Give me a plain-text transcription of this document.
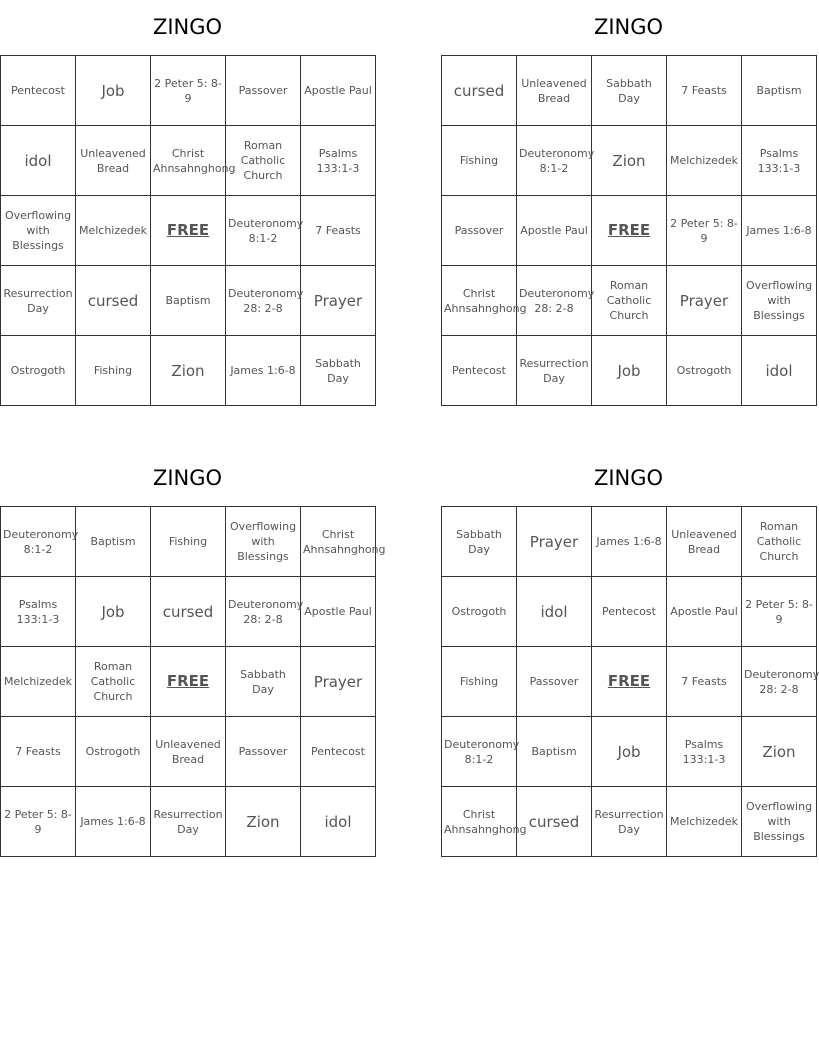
ZINGO
Pentecost	Job	2 Peter 5: 8-9	Passover	Apostle Paul
idol	Unleavened Bread	Christ Ahnsahnghong	Roman Catholic Church	Psalms 133:1-3
Overflowing with Blessings	Melchizedek	FREE	Deuteronomy 8:1-2	7 Feasts
Resurrection Day	cursed	Baptism	Deuteronomy 28: 2-8	Prayer
Ostrogoth	Fishing	Zion	James 1:6-8	Sabbath Day
ZINGO
cursed	Unleavened Bread	Sabbath Day	7 Feasts	Baptism
Fishing	Deuteronomy 8:1-2	Zion	Melchizedek	Psalms 133:1-3
Passover	Apostle Paul	FREE	2 Peter 5: 8-9	James 1:6-8
Christ Ahnsahnghong	Deuteronomy 28: 2-8	Roman Catholic Church	Prayer	Overflowing with Blessings
Pentecost	Resurrection Day	Job	Ostrogoth	idol
ZINGO
Deuteronomy 8:1-2	Baptism	Fishing	Overflowing with Blessings	Christ Ahnsahnghong
Psalms 133:1-3	Job	cursed	Deuteronomy 28: 2-8	Apostle Paul
Melchizedek	Roman Catholic Church	FREE	Sabbath Day	Prayer
7 Feasts	Ostrogoth	Unleavened Bread	Passover	Pentecost
2 Peter 5: 8-9	James 1:6-8	Resurrection Day	Zion	idol
ZINGO
Sabbath Day	Prayer	James 1:6-8	Unleavened Bread	Roman Catholic Church
Ostrogoth	idol	Pentecost	Apostle Paul	2 Peter 5: 8-9
Fishing	Passover	FREE	7 Feasts	Deuteronomy 28: 2-8
Deuteronomy 8:1-2	Baptism	Job	Psalms 133:1-3	Zion
Christ Ahnsahnghong	cursed	Resurrection Day	Melchizedek	Overflowing with Blessings
